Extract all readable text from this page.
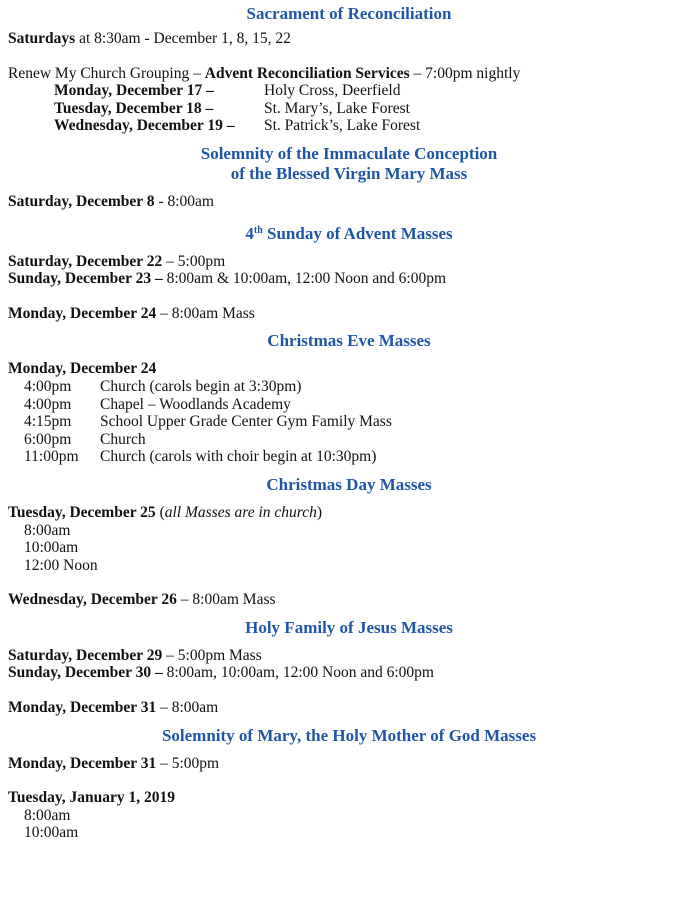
Sacrament of Reconciliation
Saturdays at 8:30am - December 1, 8, 15, 22
Renew My Church Grouping – Advent Reconciliation Services – 7:00pm nightly
Monday, December 17 –	Holy Cross, Deerfield
Tuesday, December 18 –	St. Mary’s, Lake Forest
Wednesday, December 19 – St. Patrick’s, Lake Forest
Solemnity of the Immaculate Conception
of the Blessed Virgin Mary Mass
Saturday, December 8 - 8:00am
4th Sunday of Advent Masses
Saturday, December 22 – 5:00pm
Sunday, December 23 – 8:00am & 10:00am, 12:00 Noon and 6:00pm
Monday, December 24 – 8:00am Mass
Christmas Eve Masses
Monday, December 24
4:00pm Church (carols begin at 3:30pm)
4:00pm Chapel – Woodlands Academy
4:15pm School Upper Grade Center Gym Family Mass
6:00pm Church
11:00pm Church (carols with choir begin at 10:30pm)
Christmas Day Masses
Tuesday, December 25 (all Masses are in church)
8:00am
10:00am
12:00 Noon
Wednesday, December 26 – 8:00am Mass
Holy Family of Jesus Masses
Saturday, December 29 – 5:00pm Mass
Sunday, December 30 – 8:00am, 10:00am, 12:00 Noon and 6:00pm
Monday, December 31 – 8:00am
Solemnity of Mary, the Holy Mother of God Masses
Monday, December 31 – 5:00pm
Tuesday, January 1, 2019
8:00am
10:00am
